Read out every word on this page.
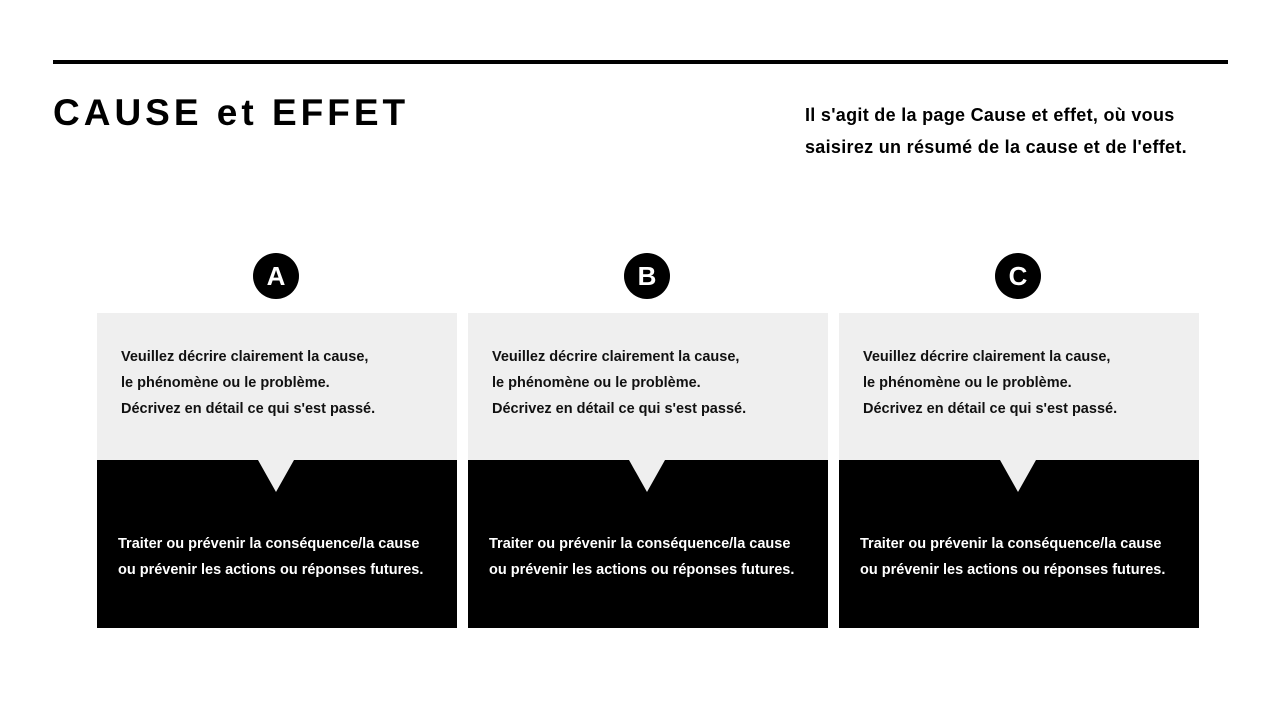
CAUSE et EFFET	Il s'agit de la page Cause et effet, où vous
saisirez un résumé de la cause et de l'effet.
A
Veuillez décrire clairement la cause,
le phénomène ou le problème.
Décrivez en détail ce qui s'est passé.
Traiter ou prévenir la conséquence/la cause
ou prévenir les actions ou réponses futures.
B
Veuillez décrire clairement la cause,
le phénomène ou le problème.
Décrivez en détail ce qui s'est passé.
Traiter ou prévenir la conséquence/la cause
ou prévenir les actions ou réponses futures.
C
Veuillez décrire clairement la cause,
le phénomène ou le problème.
Décrivez en détail ce qui s'est passé.
Traiter ou prévenir la conséquence/la cause
ou prévenir les actions ou réponses futures.
